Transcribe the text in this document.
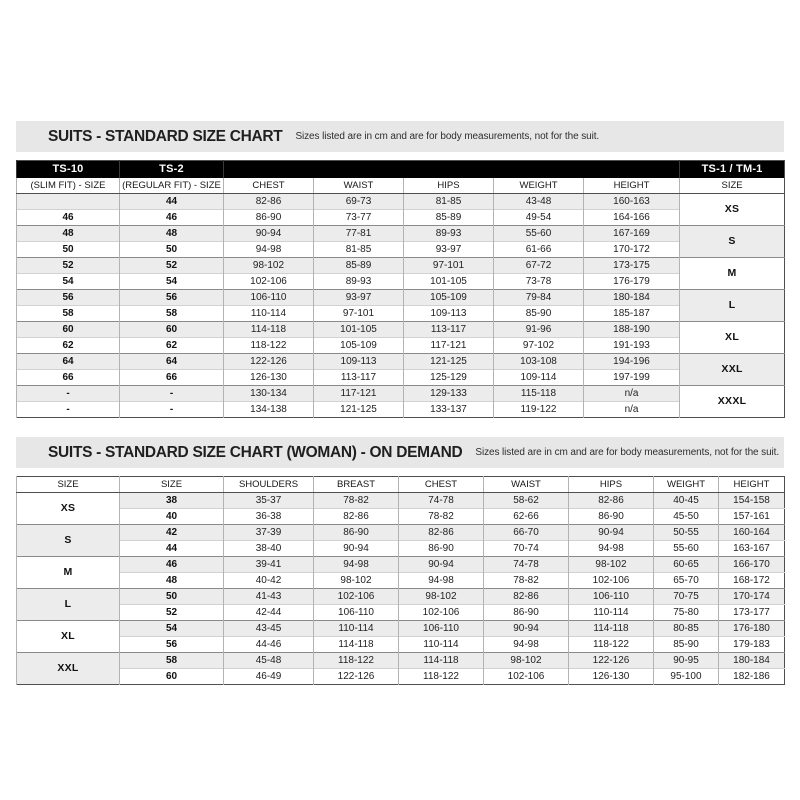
SUITS - STANDARD SIZE CHART Sizes listed are in cm and are for body measurements, not for the suit.
TS-10	TS-2						TS-1 / TM-1
(SLIM FIT) - SIZE	(REGULAR FIT) - SIZE	CHEST	WAIST	HIPS	WEIGHT	HEIGHT	SIZE
	44	82-86	69-73	81-85	43-48	160-163	XS
46	46	86-90	73-77	85-89	49-54	164-166	
48	48	90-94	77-81	89-93	55-60	167-169	S
50	50	94-98	81-85	93-97	61-66	170-172	
52	52	98-102	85-89	97-101	67-72	173-175	M
54	54	102-106	89-93	101-105	73-78	176-179	
56	56	106-110	93-97	105-109	79-84	180-184	L
58	58	110-114	97-101	109-113	85-90	185-187	
60	60	114-118	101-105	113-117	91-96	188-190	XL
62	62	118-122	105-109	117-121	97-102	191-193	
64	64	122-126	109-113	121-125	103-108	194-196	XXL
66	66	126-130	113-117	125-129	109-114	197-199	
-	-	130-134	117-121	129-133	115-118	n/a	XXXL
-	-	134-138	121-125	133-137	119-122	n/a	
SUITS - STANDARD SIZE CHART (WOMAN) - ON DEMAND Sizes listed are in cm and are for body measurements, not for the suit.
SIZE	SIZE	SHOULDERS	BREAST	CHEST	WAIST	HIPS	WEIGHT	HEIGHT
XS	38	35-37	78-82	74-78	58-62	82-86	40-45	154-158
	40	36-38	82-86	78-82	62-66	86-90	45-50	157-161
S	42	37-39	86-90	82-86	66-70	90-94	50-55	160-164
	44	38-40	90-94	86-90	70-74	94-98	55-60	163-167
M	46	39-41	94-98	90-94	74-78	98-102	60-65	166-170
	48	40-42	98-102	94-98	78-82	102-106	65-70	168-172
L	50	41-43	102-106	98-102	82-86	106-110	70-75	170-174
	52	42-44	106-110	102-106	86-90	110-114	75-80	173-177
XL	54	43-45	110-114	106-110	90-94	114-118	80-85	176-180
	56	44-46	114-118	110-114	94-98	118-122	85-90	179-183
XXL	58	45-48	118-122	114-118	98-102	122-126	90-95	180-184
	60	46-49	122-126	118-122	102-106	126-130	95-100	182-186
